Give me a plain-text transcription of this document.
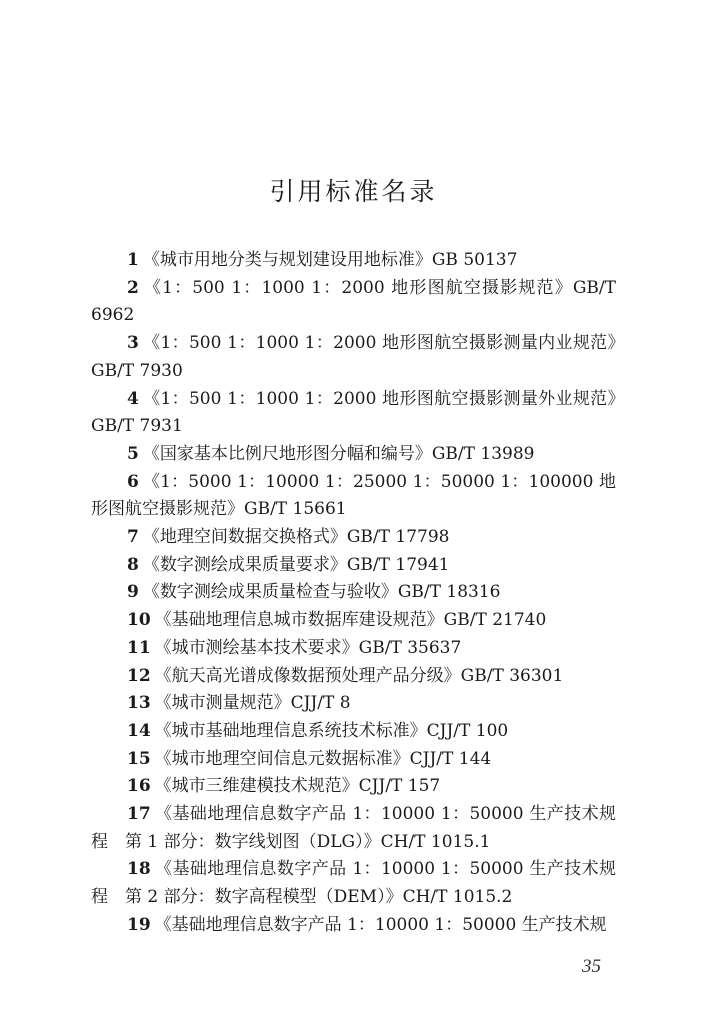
引用标准名录
1 《城市用地分类与规划建设用地标准》GB 50137
2 《1：500 1：1000 1：2000 地形图航空摄影规范》GB/T 6962
3 《1：500 1：1000 1：2000 地形图航空摄影测量内业规范》GB/T 7930
4 《1：500 1：1000 1：2000 地形图航空摄影测量外业规范》GB/T 7931
5 《国家基本比例尺地形图分幅和编号》GB/T 13989
6 《1：5000 1：10000 1：25000 1：50000 1：100000 地形图航空摄影规范》GB/T 15661
7 《地理空间数据交换格式》GB/T 17798
8 《数字测绘成果质量要求》GB/T 17941
9 《数字测绘成果质量检查与验收》GB/T 18316
10 《基础地理信息城市数据库建设规范》GB/T 21740
11 《城市测绘基本技术要求》GB/T 35637
12 《航天高光谱成像数据预处理产品分级》GB/T 36301
13 《城市测量规范》CJJ/T 8
14 《城市基础地理信息系统技术标准》CJJ/T 100
15 《城市地理空间信息元数据标准》CJJ/T 144
16 《城市三维建模技术规范》CJJ/T 157
17 《基础地理信息数字产品 1：10000 1：50000 生产技术规程　第 1 部分：数字线划图（DLG）》CH/T 1015.1
18 《基础地理信息数字产品 1：10000 1：50000 生产技术规程　第 2 部分：数字高程模型（DEM）》CH/T 1015.2
19 《基础地理信息数字产品 1：10000 1：50000 生产技术规
35
